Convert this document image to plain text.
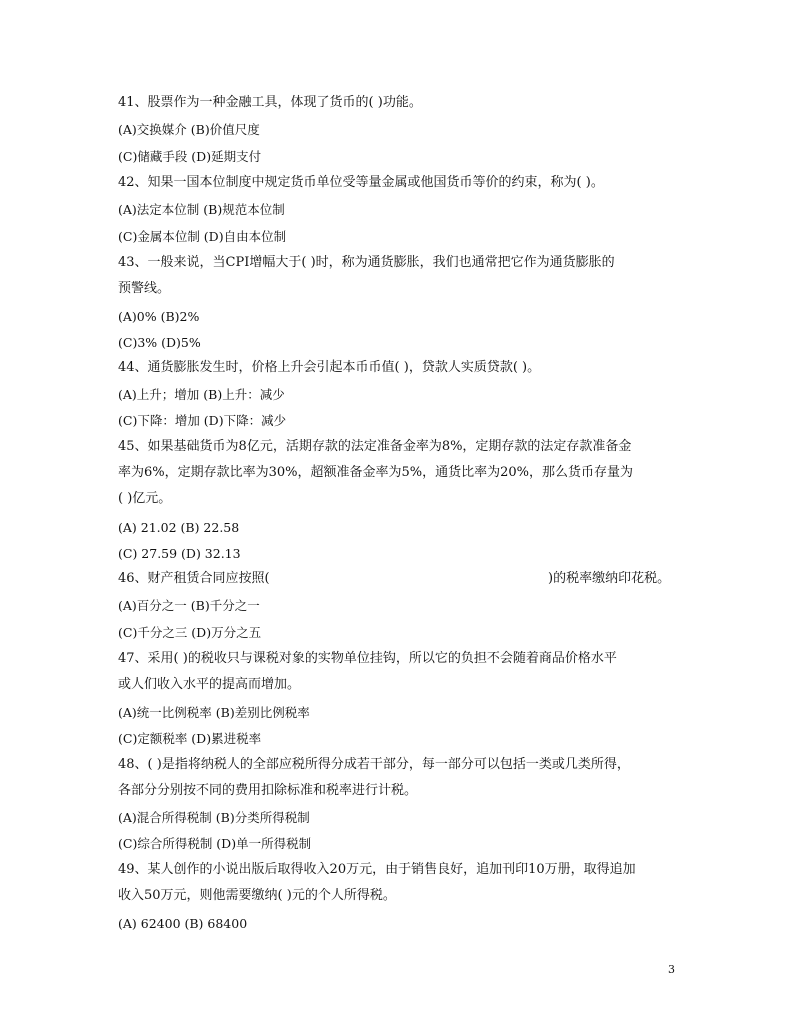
41、股票作为一种金融工具，体现了货币的( )功能。
(A)交换媒介 (B)价值尺度
(C)储藏手段 (D)延期支付
42、知果一国本位制度中规定货币单位受等量金属或他国货币等价的约束，称为( )。
(A)法定本位制 (B)规范本位制
(C)金属本位制 (D)自由本位制
43、一般来说，当CPI增幅大于( )时，称为通货膨胀，我们也通常把它作为通货膨胀的
预警线。
(A)0% (B)2%
(C)3% (D)5%
44、通货膨胀发生时，价格上升会引起本币币值( )，贷款人实质贷款( )。
(A)上升；增加 (B)上升：减少
(C)下降：增加 (D)下降：减少
45、如果基础货币为8亿元，活期存款的法定准备金率为8%，定期存款的法定存款准备金
率为6%，定期存款比率为30%，超额准备金率为5%，通货比率为20%，那么货币存量为
( )亿元。
(A) 21.02 (B) 22.58
(C) 27.59 (D) 32.13
46、财产租赁合同应按照(	)的税率缴纳印花税。
(A)百分之一 (B)千分之一
(C)千分之三 (D)万分之五
47、采用( )的税收只与课税对象的实物单位挂钩，所以它的负担不会随着商品价格水平
或人们收入水平的提高而增加。
(A)统一比例税率 (B)差别比例税率
(C)定额税率 (D)累进税率
48、( )是指将纳税人的全部应税所得分成若干部分，每一部分可以包括一类或几类所得，
各部分分别按不同的费用扣除标准和税率进行计税。
(A)混合所得税制 (B)分类所得税制
(C)综合所得税制 (D)单一所得税制
49、某人创作的小说出版后取得收入20万元，由于销售良好，追加刊印10万册，取得追加
收入50万元，则他需要缴纳( )元的个人所得税。
(A) 62400 (B) 68400
3
